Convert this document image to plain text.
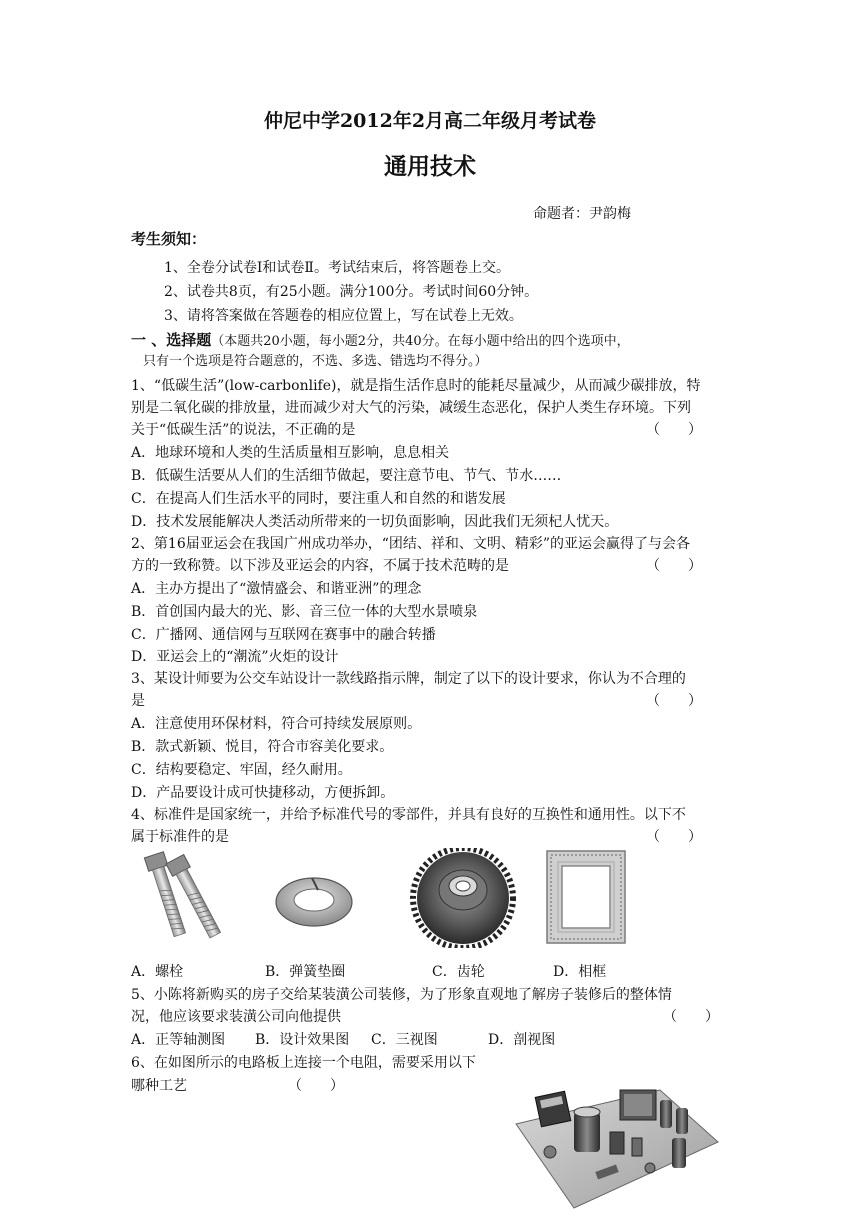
仲尼中学2012年2月高二年级月考试卷
通用技术
命题者：尹韵梅
考生须知：
1、全卷分试卷Ⅰ和试卷Ⅱ。考试结束后，将答题卷上交。
2、试卷共8页，有25小题。满分100分。考试时间60分钟。
3、请将答案做在答题卷的相应位置上，写在试卷上无效。
一 、选择题（本题共20小题，每小题2分，共40分。在每小题中给出的四个选项中，
只有一个选项是符合题意的，不选、多选、错选均不得分。）
1、“低碳生活”(low-carbonlife)，就是指生活作息时的能耗尽量减少，从而减少碳排放，特
别是二氧化碳的排放量，进而减少对大气的污染，减缓生态恶化，保护人类生存环境。下列
关于“低碳生活”的说法，不正确的是	（　　）
A．地球环境和人类的生活质量相互影响，息息相关
B．低碳生活要从人们的生活细节做起，要注意节电、节气、节水……
C．在提高人们生活水平的同时，要注重人和自然的和谐发展
D．技术发展能解决人类活动所带来的一切负面影响，因此我们无须杞人忧天。
2、第16届亚运会在我国广州成功举办，“团结、祥和、文明、精彩”的亚运会赢得了与会各
方的一致称赞。以下涉及亚运会的内容，不属于技术范畴的是	（　　）
A．主办方提出了“激情盛会、和谐亚洲”的理念
B．首创国内最大的光、影、音三位一体的大型水景喷泉
C．广播网、通信网与互联网在赛事中的融合转播
D．亚运会上的“潮流”火炬的设计
3、某设计师要为公交车站设计一款线路指示牌，制定了以下的设计要求，你认为不合理的
是	（　　）
A．注意使用环保材料，符合可持续发展原则。
B．款式新颖、悦目，符合市容美化要求。
C．结构要稳定、牢固，经久耐用。
D．产品要设计成可快捷移动，方便拆卸。
4、标准件是国家统一，并给予标准代号的零部件，并具有良好的互换性和通用性。以下不
属于标准件的是	（　　）
A．螺栓	B．弹簧垫圈	C．齿轮	D．相框
5、小陈将新购买的房子交给某装潢公司装修，为了形象直观地了解房子装修后的整体情
况，他应该要求装潢公司向他提供	（　　）
A．正等轴测图 B．设计效果图 C．三视图	D．剖视图
6、在如图所示的电路板上连接一个电阻，需要采用以下
哪种工艺	（　　）
